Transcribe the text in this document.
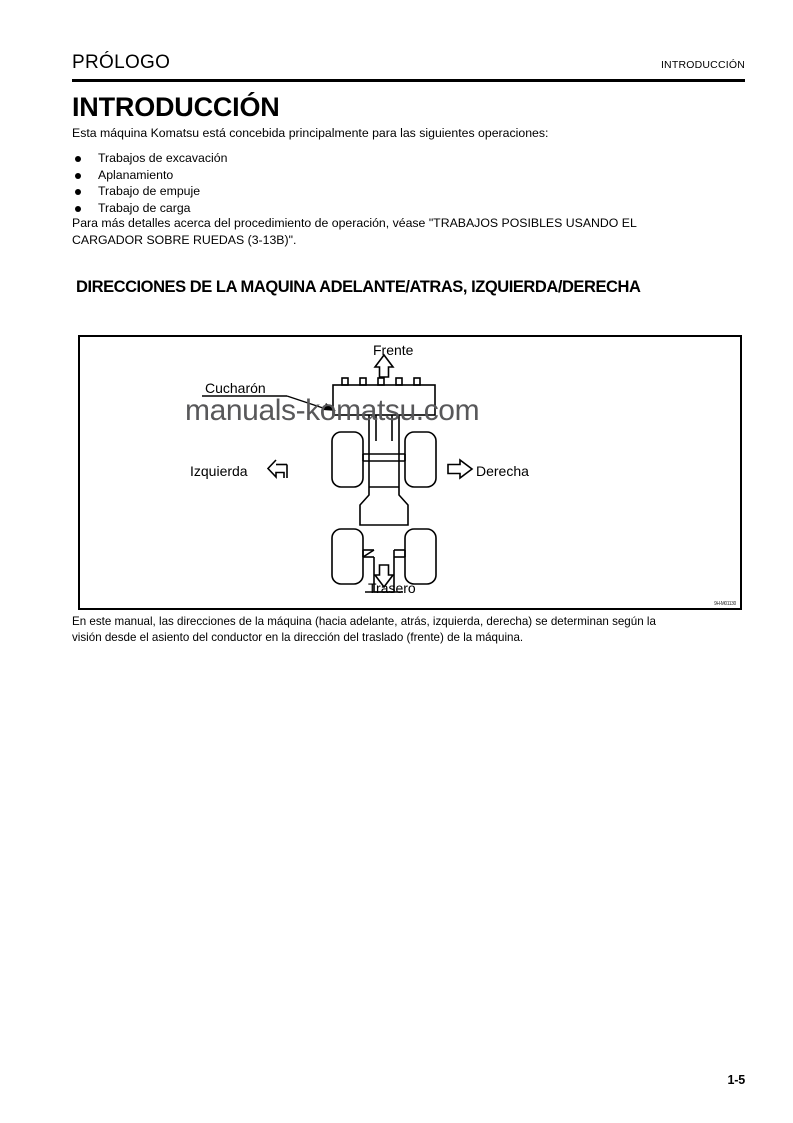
PRÓLOGO	INTRODUCCIÓN
INTRODUCCIÓN
Esta máquina Komatsu está concebida principalmente para las siguientes operaciones:
Trabajos de excavación
Aplanamiento
Trabajo de empuje
Trabajo de carga
Para más detalles acerca del procedimiento de operación, véase "TRABAJOS POSIBLES USANDO EL
CARGADOR SOBRE RUEDAS (3-13B)".
DIRECCIONES DE LA MAQUINA ADELANTE/ATRAS, IZQUIERDA/DERECHA
Frente
Trasero
Izquierda	Derecha
Cucharón
manuals-komatsu.com
9H-M01130
En este manual, las direcciones de la máquina (hacia adelante, atrás, izquierda, derecha) se determinan según la
visión desde el asiento del conductor en la dirección del traslado (frente) de la máquina.
1-5
